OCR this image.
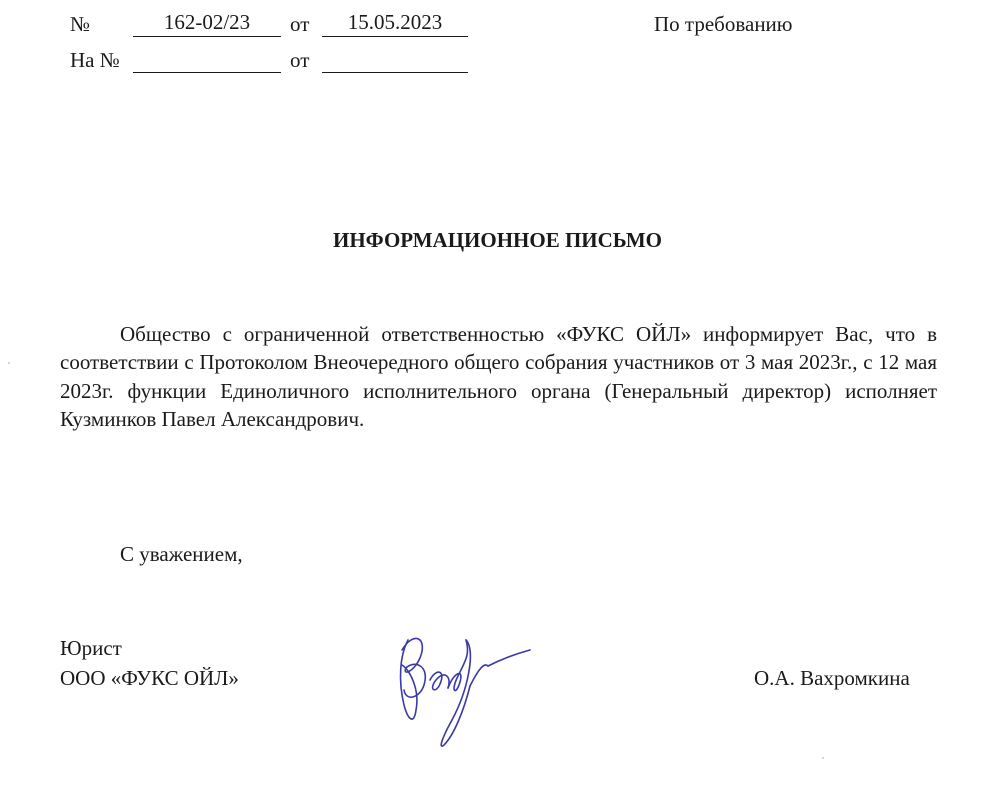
№	162-02/23	от	15.05.2023	По требованию
На №	от
ИНФОРМАЦИОННОЕ ПИСЬМО
Общество с ограниченной ответственностью «ФУКС ОЙЛ» информирует Вас, что в соответствии с Протоколом Внеочередного общего собрания участников от 3 мая 2023г., с 12 мая 2023г. функции Единоличного исполнительного органа (Генеральный директор) исполняет Кузминков Павел Александрович.
С уважением,
Юрист
ООО «ФУКС ОЙЛ»	О.А. Вахромкина
